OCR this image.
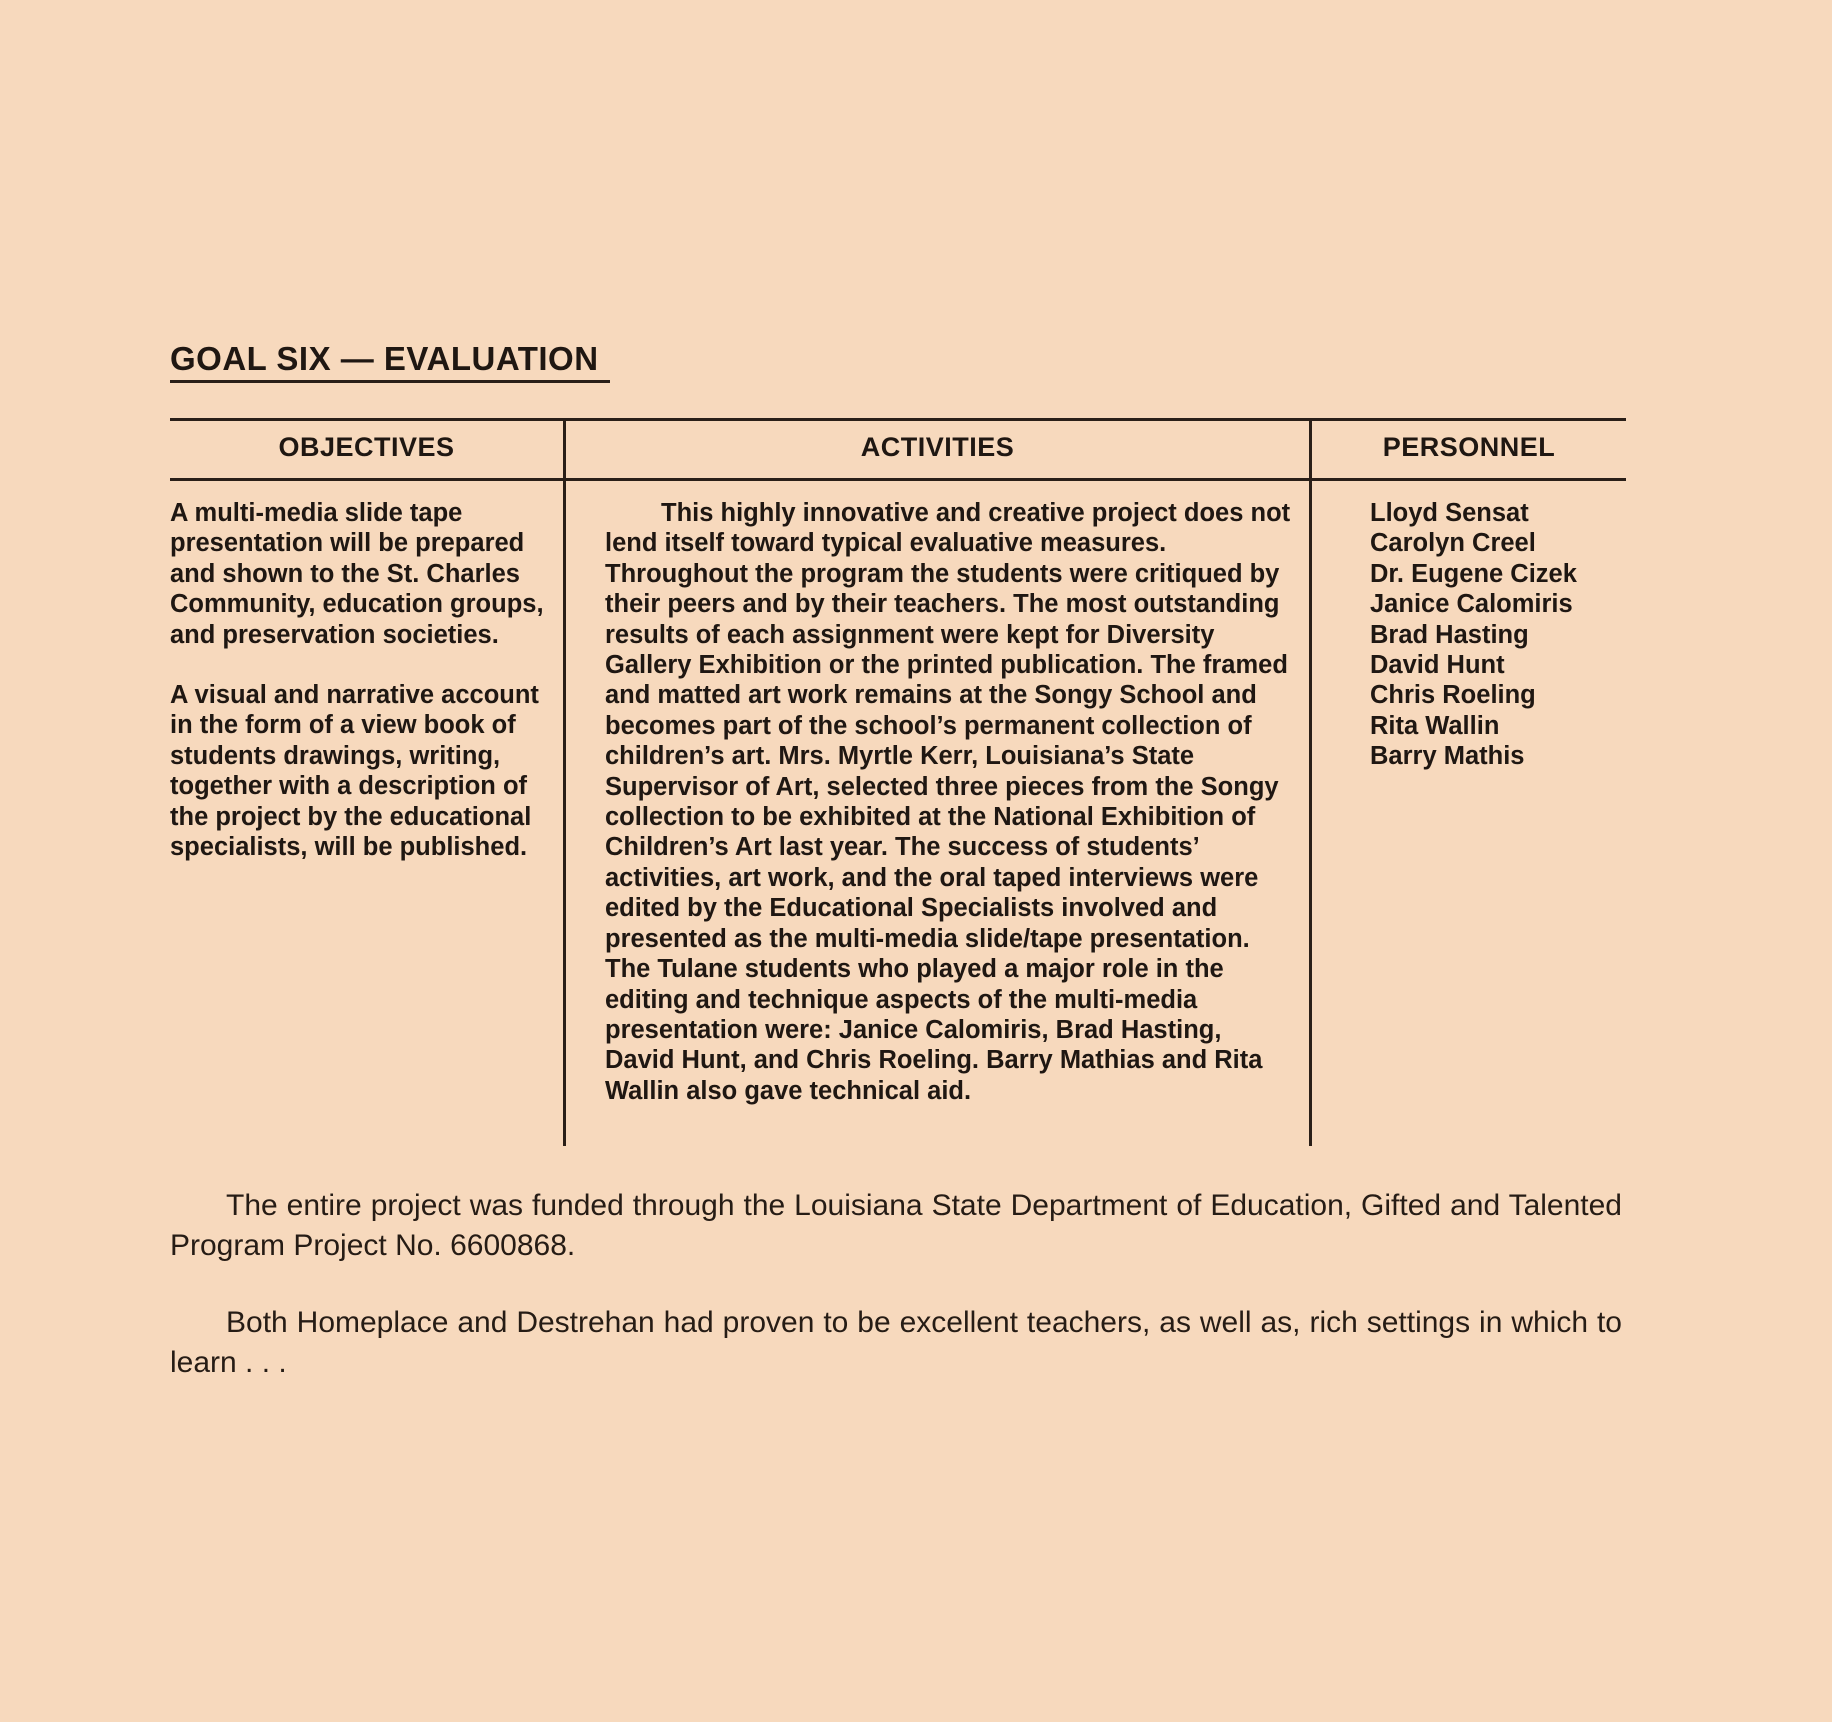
GOAL SIX — EVALUATION
OBJECTIVES	ACTIVITIES	PERSONNEL

A multi-media slide tape presentation will be prepared and shown to the St. Charles Community, education groups, and preservation societies.

A visual and narrative account in the form of a view book of students drawings, writing, together with a description of the project by the educational specialists, will be published.

This highly innovative and creative project does not lend itself toward typical evaluative measures. Throughout the program the students were critiqued by their peers and by their teachers. The most outstanding results of each assignment were kept for Diversity Gallery Exhibition or the printed publication. The framed and matted art work remains at the Songy School and becomes part of the school’s permanent collection of children’s art. Mrs. Myrtle Kerr, Louisiana’s State Supervisor of Art, selected three pieces from the Songy collection to be exhibited at the National Exhibition of Children’s Art last year. The success of students’ activities, art work, and the oral taped interviews were edited by the Educational Specialists involved and presented as the multi-media slide/tape presentation. The Tulane students who played a major role in the editing and technique aspects of the multi-media presentation were: Janice Calomiris, Brad Hasting, David Hunt, and Chris Roeling. Barry Mathias and Rita Wallin also gave technical aid.

Lloyd Sensat
Carolyn Creel
Dr. Eugene Cizek
Janice Calomiris
Brad Hasting
David Hunt
Chris Roeling
Rita Wallin
Barry Mathis

The entire project was funded through the Louisiana State Department of Education, Gifted and Talented Program Project No. 6600868.

Both Homeplace and Destrehan had proven to be excellent teachers, as well as, rich settings in which to learn . . .
